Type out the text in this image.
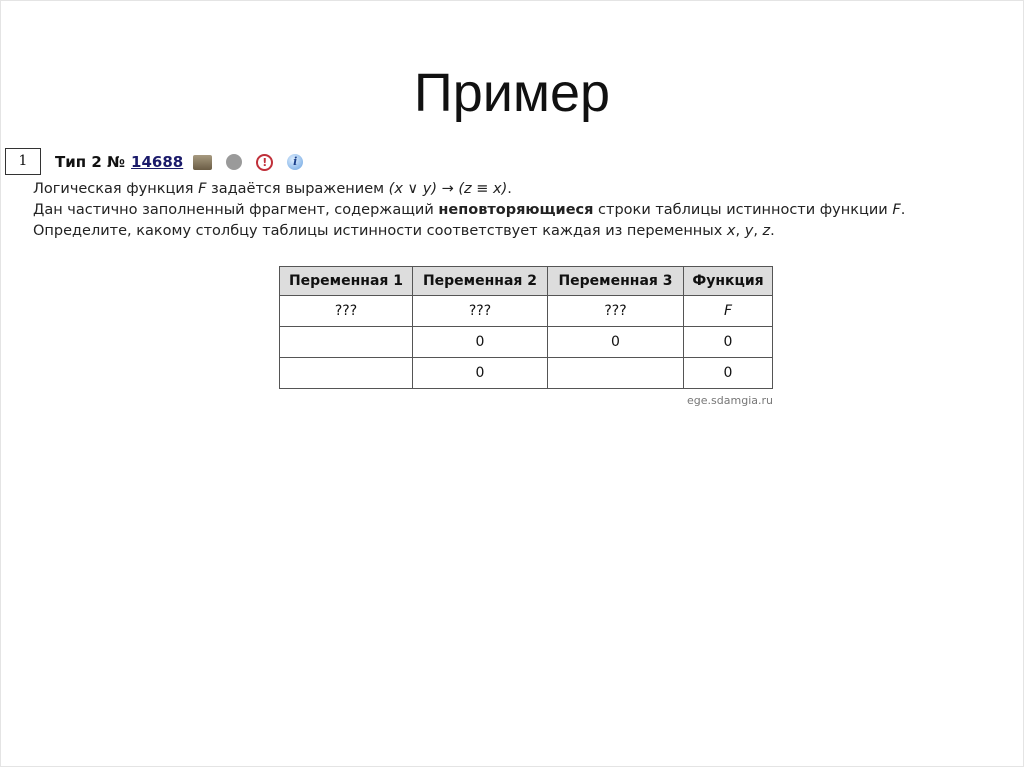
Пример
1	Тип 2 № 14688	!	i
Логическая функция F задаётся выражением (x ∨ y) → (z ≡ x).
Дан частично заполненный фрагмент, содержащий неповторяющиеся строки таблицы истинности функции F.
Определите, какому столбцу таблицы истинности соответствует каждая из переменных x, y, z.
Переменная 1	Переменная 2	Переменная 3	Функция
???	???	???	F
	0	0	0
	0		0
ege.sdamgia.ru
